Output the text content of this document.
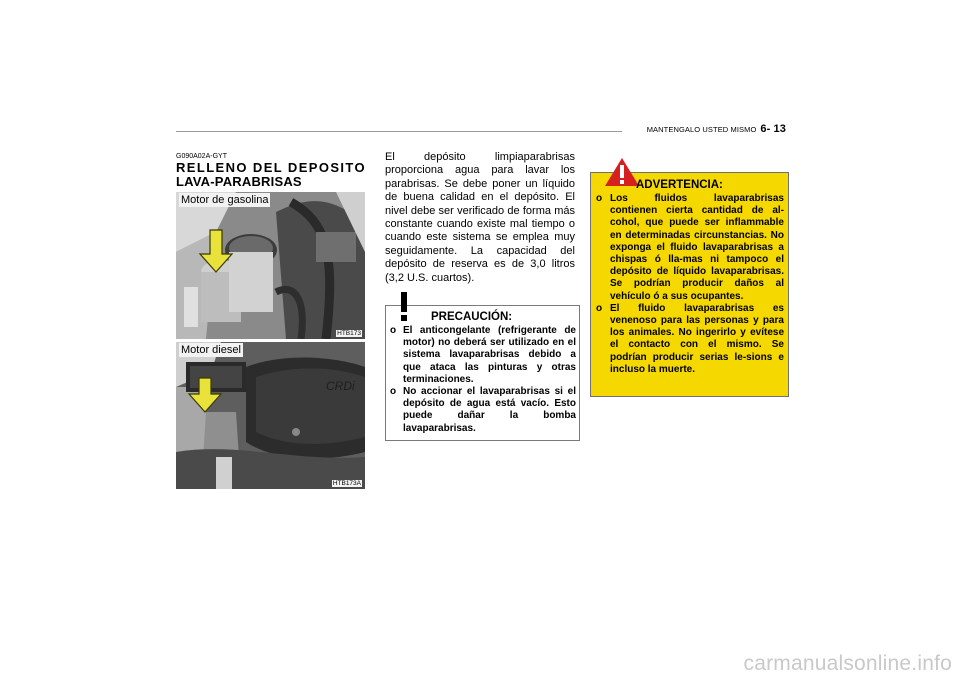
MANTENGALO USTED MISMO 6- 13
G090A02A-GYT
RELLENO DEL DEPOSITO
LAVA-PARABRISAS
Motor de gasolina
HTB173
CRDi
Motor diesel
HTB173A

El depósito limpiaparabrisas proporciona agua para lavar los parabrisas. Se debe poner un líquido de buena calidad en el depósito. El nivel debe ser verificado de forma más constante cuando existe mal tiempo o cuando este sistema se emplea muy seguidamente. La capacidad del depósito de reserva es de 3,0 litros (3,2 U.S. cuartos).

PRECAUCIÓN:
o El anticongelante (refrigerante de motor) no deberá ser utilizado en el sistema lavaparabrisas debido a que ataca las pinturas y otras terminaciones.
o No accionar el lavaparabrisas si el depósito de agua está vacío. Esto puede dañar la bomba lavaparabrisas.
ADVERTENCIA:
o Los fluidos lavaparabrisas contienen cierta cantidad de al-cohol, que puede ser inflammable en determinadas circunstancias. No exponga el fluido lavaparabrisas a chispas ó lla-mas ni tampoco el depósito de líquido lavaparabrisas. Se podrían producir daños al vehículo ó a sus ocupantes.
o El fluido lavaparabrisas es venenoso para las personas y para los animales. No ingerirlo y evítese el contacto con el mismo. Se podrían producir serias le-sions e incluso la muerte.
carmanualsonline.info
